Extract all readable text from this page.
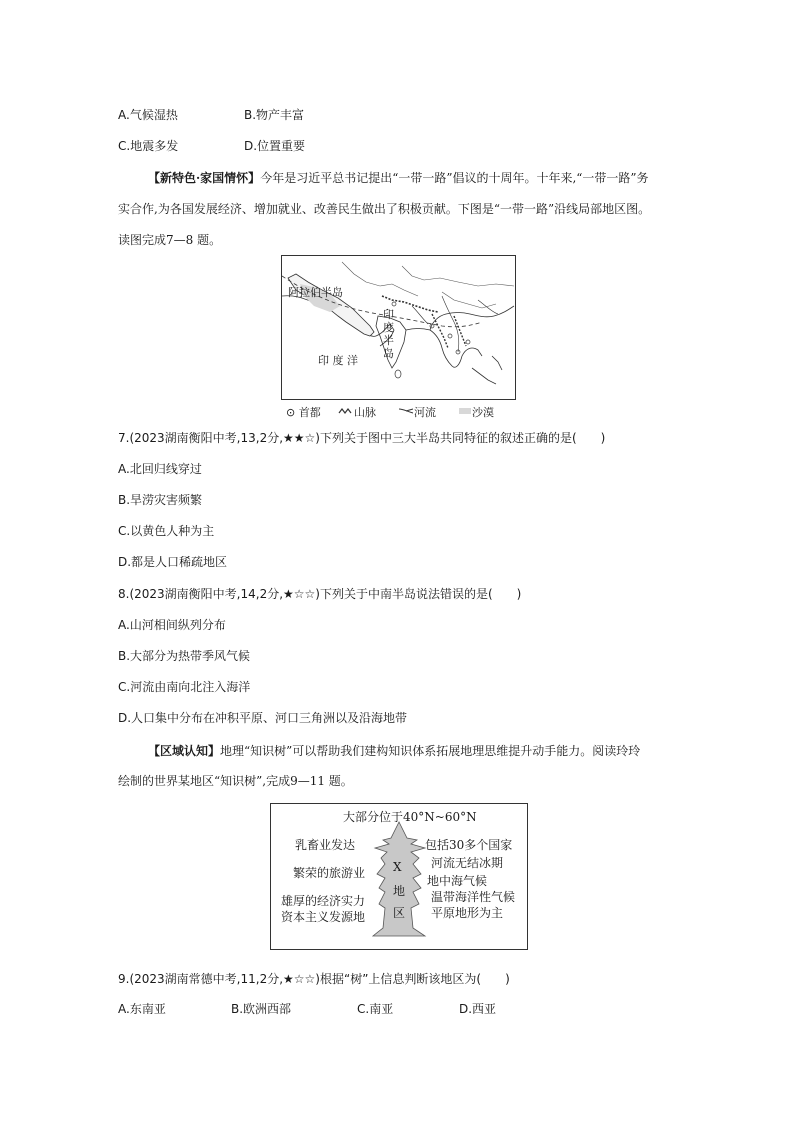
A.气候湿热	B.物产丰富
C.地震多发	D.位置重要
【新特色·家国情怀】今年是习近平总书记提出“一带一路”倡议的十周年。十年来,“一带一路”务
实合作,为各国发展经济、增加就业、改善民生做出了积极贡献。下图是“一带一路”沿线局部地区图。
读图完成7—8 题。
阿拉伯半岛
印 度 洋
印
度
半
岛
⊙ 首都	山脉	河流	沙漠
7.(2023湖南衡阳中考,13,2分,★★☆)下列关于图中三大半岛共同特征的叙述正确的是(　　)
A.北回归线穿过
B.旱涝灾害频繁
C.以黄色人种为主
D.都是人口稀疏地区
8.(2023湖南衡阳中考,14,2分,★☆☆)下列关于中南半岛说法错误的是(　　)
A.山河相间纵列分布
B.大部分为热带季风气候
C.河流由南向北注入海洋
D.人口集中分布在冲积平原、河口三角洲以及沿海地带
【区域认知】地理“知识树”可以帮助我们建构知识体系拓展地理思维提升动手能力。阅读玲玲
绘制的世界某地区“知识树”,完成9—11 题。
大部分位于40°N~60°N
乳畜业发达
繁荣的旅游业
雄厚的经济实力
资本主义发源地
包括30多个国家
河流无结冰期
地中海气候
温带海洋性气候
平原地形为主
X
地
区
9.(2023湖南常德中考,11,2分,★☆☆)根据“树”上信息判断该地区为(　　)
A.东南亚	B.欧洲西部	C.南亚	D.西亚
